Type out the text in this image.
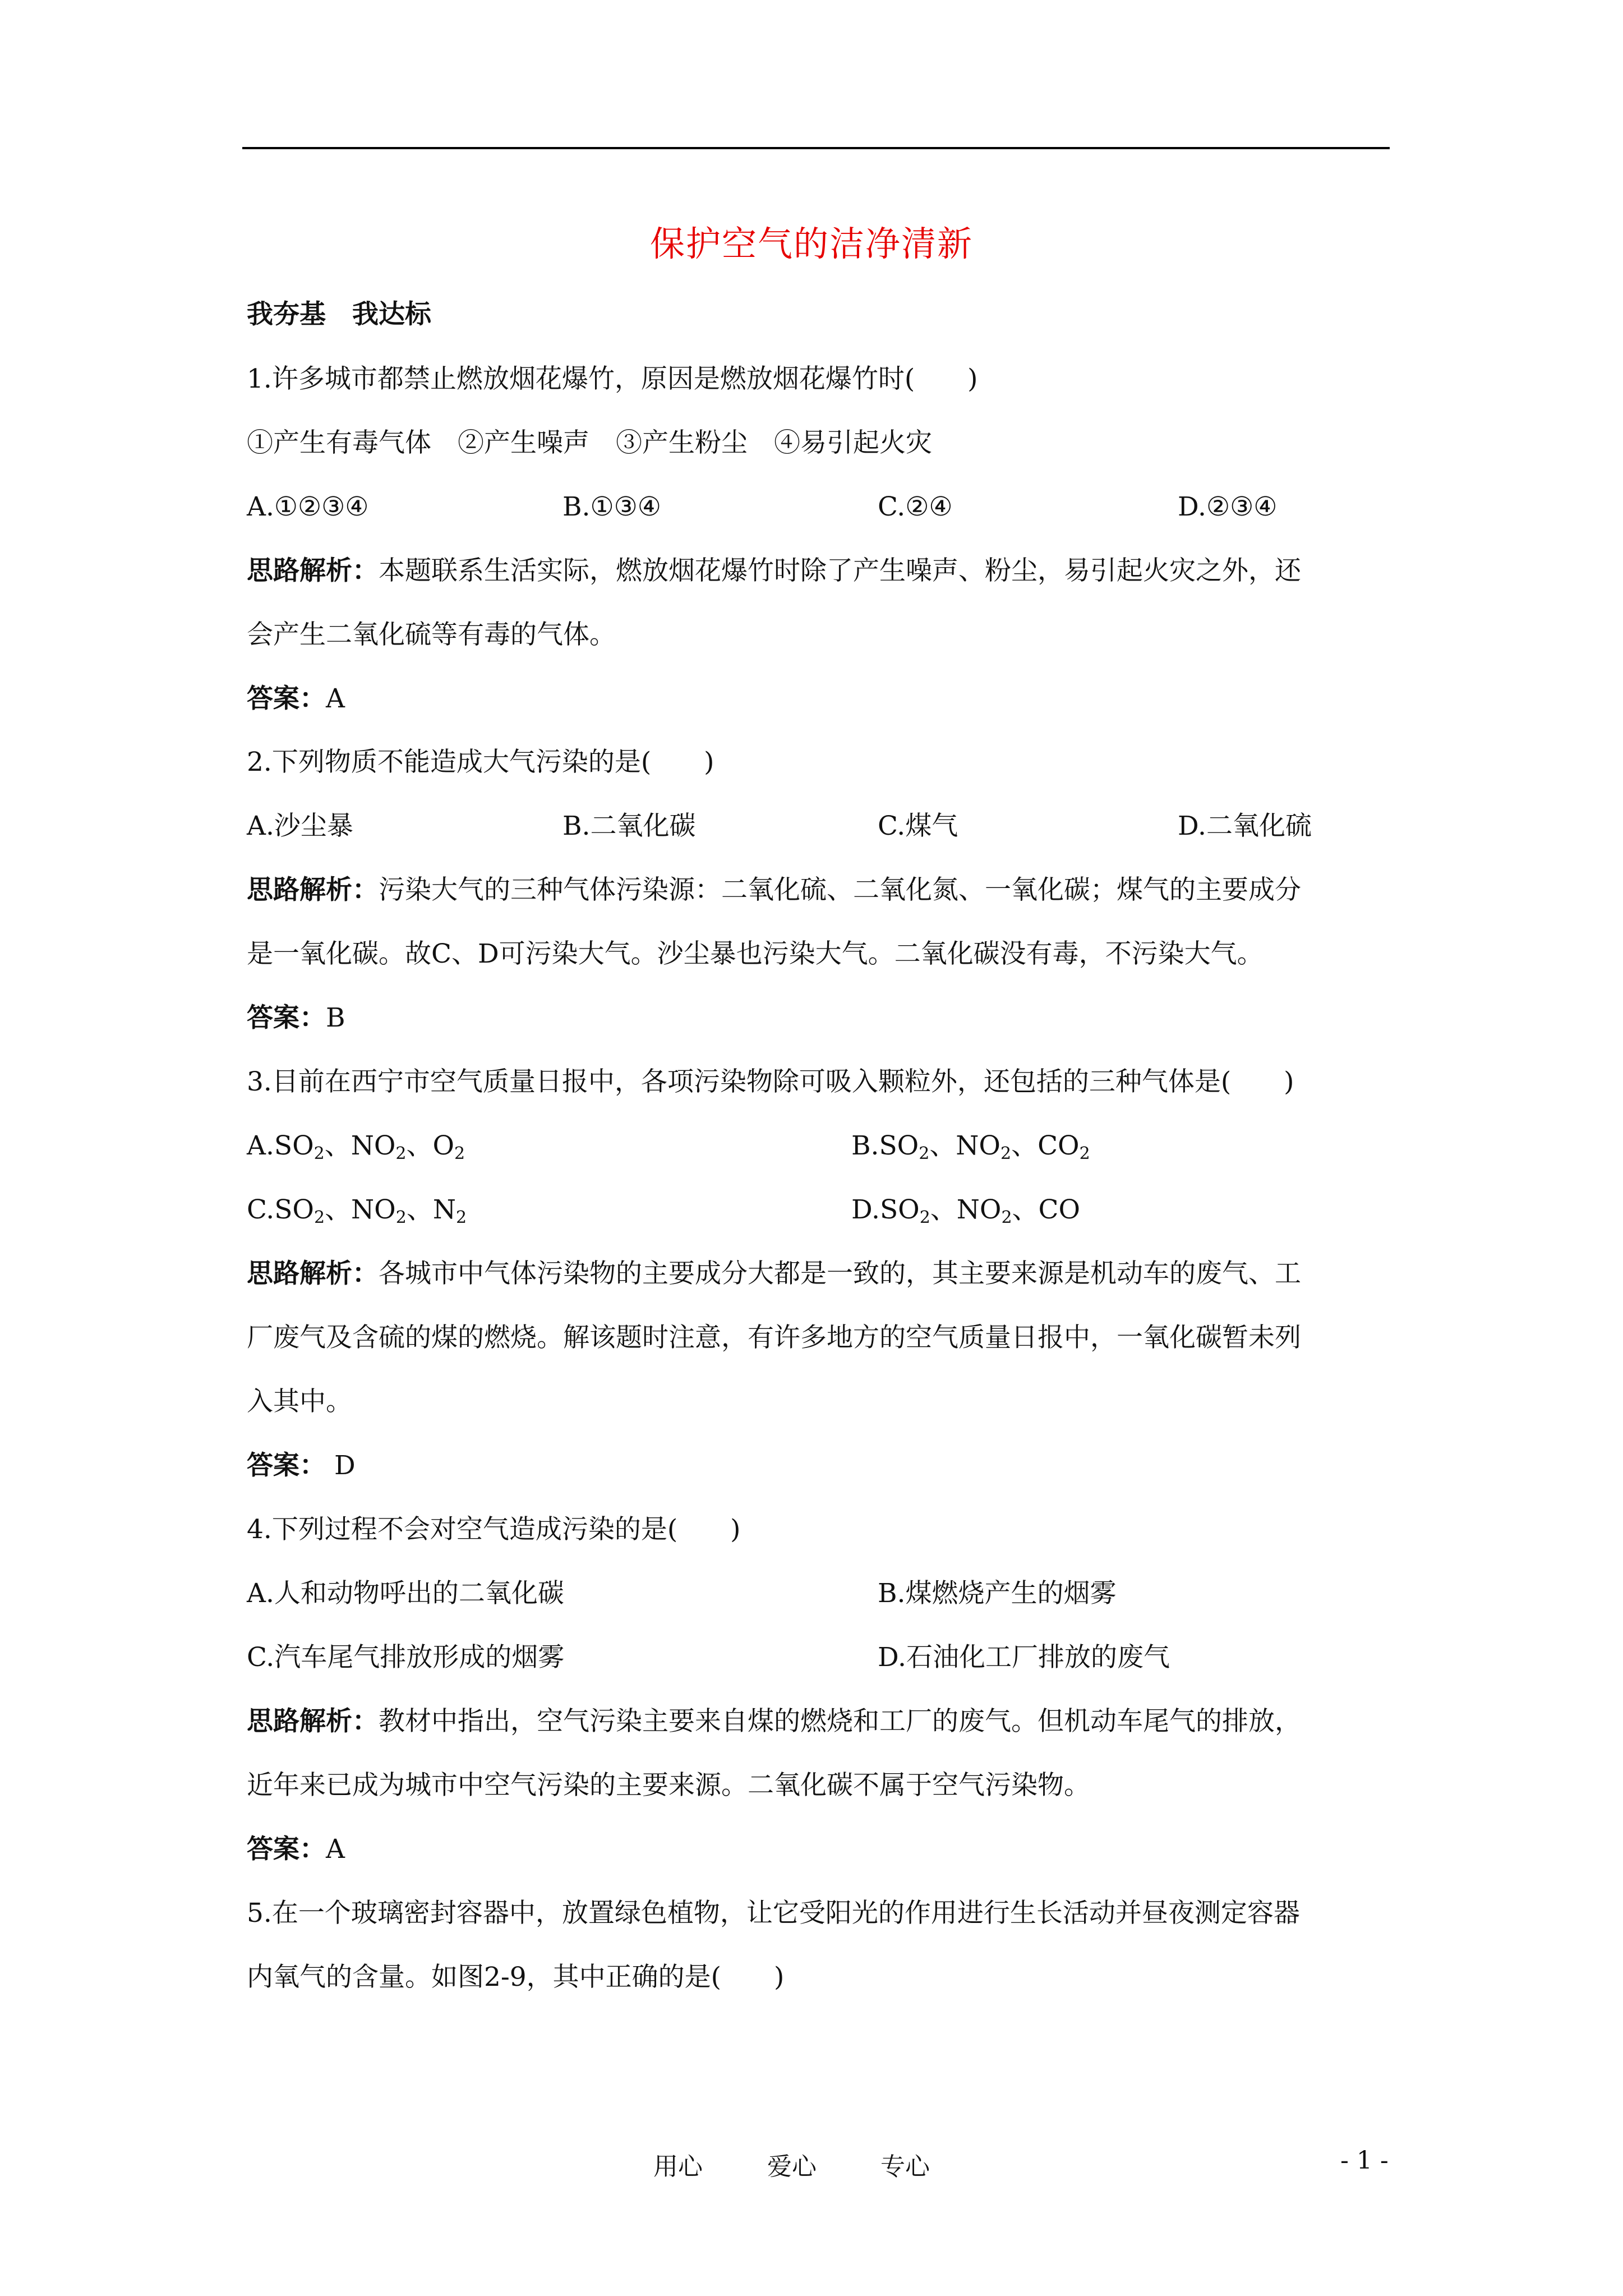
保护空气的洁净清新
我夯基　我达标
1.许多城市都禁止燃放烟花爆竹，原因是燃放烟花爆竹时(　　)
①产生有毒气体　②产生噪声　③产生粉尘　④易引起火灾
A.①②③④	B.①③④	C.②④	D.②③④
思路解析：本题联系生活实际，燃放烟花爆竹时除了产生噪声、粉尘，易引起火灾之外，还
会产生二氧化硫等有毒的气体。
答案：A
2.下列物质不能造成大气污染的是(　　)
A.沙尘暴	B.二氧化碳	C.煤气	D.二氧化硫
思路解析：污染大气的三种气体污染源：二氧化硫、二氧化氮、一氧化碳；煤气的主要成分
是一氧化碳。故C、D可污染大气。沙尘暴也污染大气。二氧化碳没有毒，不污染大气。
答案：B
3.目前在西宁市空气质量日报中，各项污染物除可吸入颗粒外，还包括的三种气体是(　　)
$A.SO_2$、$NO_2$、$O_2$	$B.SO_2$、$NO_2$、$CO_2$
$C.SO_2$、$NO_2$、$N_2$	$D.SO_2$、$NO_2$、CO
思路解析：各城市中气体污染物的主要成分大都是一致的，其主要来源是机动车的废气、工
厂废气及含硫的煤的燃烧。解该题时注意，有许多地方的空气质量日报中，一氧化碳暂未列
入其中。
答案： D
4.下列过程不会对空气造成污染的是(　　)
A.人和动物呼出的二氧化碳	B.煤燃烧产生的烟雾
C.汽车尾气排放形成的烟雾	D.石油化工厂排放的废气
思路解析：教材中指出，空气污染主要来自煤的燃烧和工厂的废气。但机动车尾气的排放，
近年来已成为城市中空气污染的主要来源。二氧化碳不属于空气污染物。
答案：A
5.在一个玻璃密封容器中，放置绿色植物，让它受阳光的作用进行生长活动并昼夜测定容器
内氧气的含量。如图2-9，其中正确的是(　　)
用心	爱心	专心	- 1 -
